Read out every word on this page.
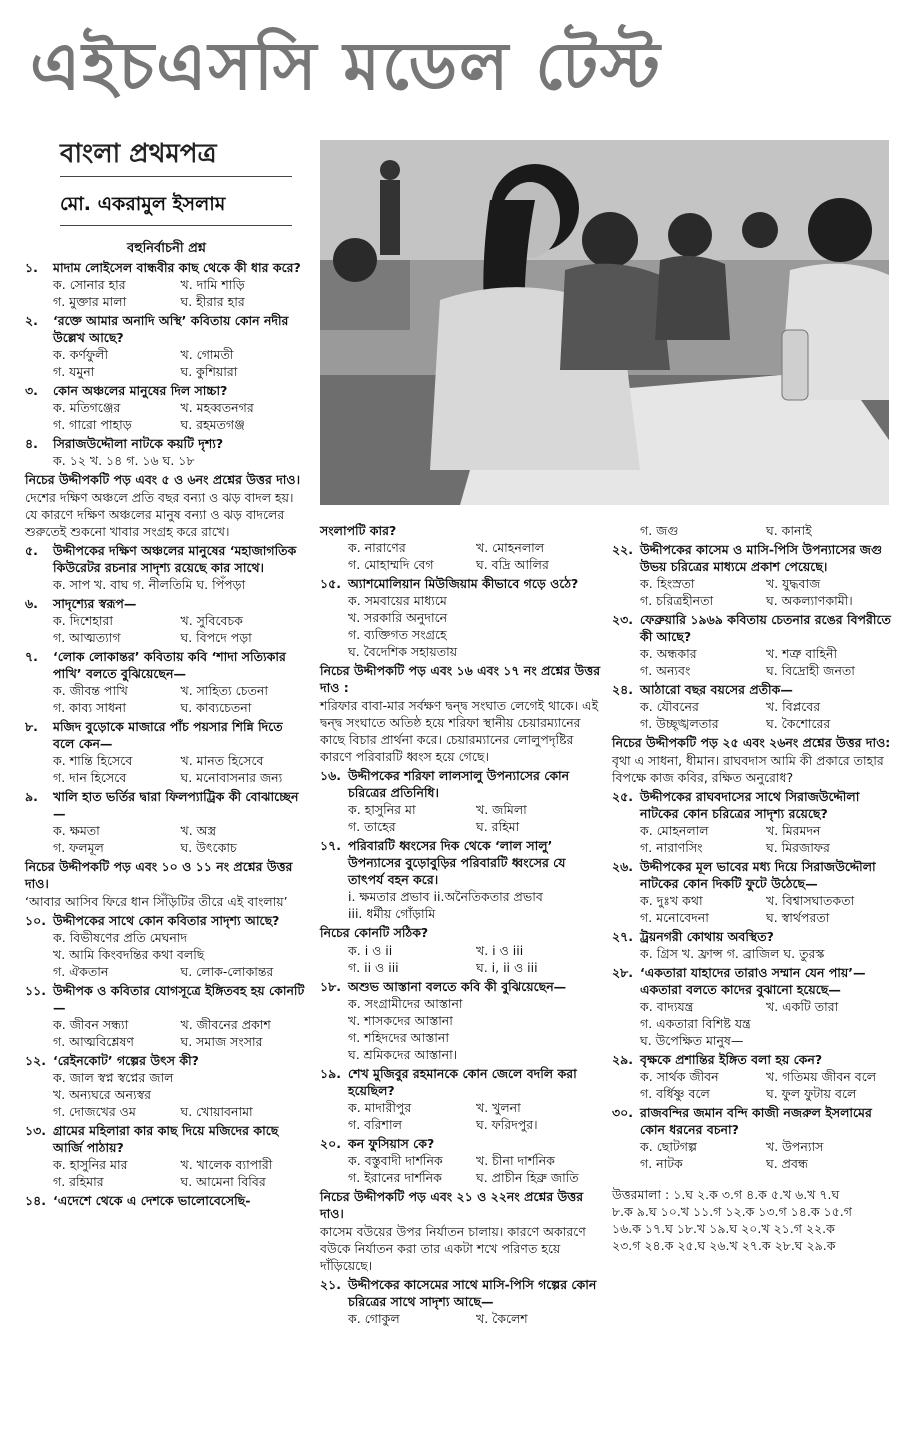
এইচএসসি মডেল টেস্ট
বাংলা প্রথমপত্র
মো. একরামুল ইসলাম
বহুনির্বাচনী প্রশ্ন
১.	মাদাম লোইসেল বান্ধবীর কাছ থেকে কী ধার করে?
ক. সোনার হার	খ. দামি শাড়ি
গ. মুক্তার মালা	ঘ. হীরার হার
২.	‘রক্তে আমার অনাদি অস্থি’ কবিতায় কোন নদীর উল্লেখ আছে?
ক. কর্ণফুলী	খ. গোমতী
গ. যমুনা	ঘ. কুশিয়ারা
৩.	কোন অঞ্চলের মানুষের দিল সাচ্চা?
ক. মতিগঞ্জের	খ. মহব্বতনগর
গ. গারো পাহাড়	ঘ. রহমতগঞ্জ
৪.	সিরাজউদ্দৌলা নাটকে কয়টি দৃশ্য?
ক. ১২ খ. ১৪ গ. ১৬ ঘ. ১৮
নিচের উদ্দীপকটি পড় এবং ৫ ও ৬নং প্রশ্নের উত্তর দাও।
দেশের দক্ষিণ অঞ্চলে প্রতি বছর বন্যা ও ঝড় বাদল হয়। যে কারণে দক্ষিণ অঞ্চলের মানুষ বন্যা ও ঝড় বাদলের শুরুতেই শুকনো খাবার সংগ্রহ করে রাখে।
৫.	উদ্দীপকের দক্ষিণ অঞ্চলের মানুষের ‘মহাজাগতিক কিউরেটর রচনার সাদৃশ্য রয়েছে কার সাথে।
ক. সাপ খ. বাঘ গ. নীলতিমি ঘ. পিঁপড়া
৬.	সাদৃশ্যের স্বরূপ—
ক. দিশেহারা	খ. সুবিবেচক
গ. আত্মত্যাগ	ঘ. বিপদে পড়া
৭.	‘লোক লোকান্তর’ কবিতায় কবি ‘শাদা সত্যিকার পাখি’ বলতে বুঝিয়েছেন—
ক. জীবন্ত পাখি	খ. সাহিত্য চেতনা
গ. কাব্য সাধনা	ঘ. কাব্যচেতনা
৮.	মজিদ বুড়োকে মাজারে পাঁচ পয়সার শিন্নি দিতে বলে কেন—
ক. শান্তি হিসেবে	খ. মানত হিসেবে
গ. দান হিসেবে	ঘ. মনোবাসনার জন্য
৯.	খালি হাত ভর্তির দ্বারা ফিলপ্যাট্রিক কী বোঝাচ্ছেন—
ক. ক্ষমতা	খ. অস্ত্র
গ. ফলমূল	ঘ. উৎকোচ
নিচের উদ্দীপকটি পড় এবং ১০ ও ১১ নং প্রশ্নের উত্তর দাও।
‘আবার আসিব ফিরে ধান সিঁড়িটির তীরে এই বাংলায়’
১০. উদ্দীপকের সাথে কোন কবিতার সাদৃশ্য আছে?
ক. বিভীষণের প্রতি মেঘনাদ
খ. আমি কিংবদন্তির কথা বলছি
গ. ঐকতান	ঘ. লোক-লোকান্তর
১১. উদ্দীপক ও কবিতার যোগসূত্রে ইঙ্গিতবহ হয় কোনটি—
ক. জীবন সন্ধ্যা	খ. জীবনের প্রকাশ
গ. আত্মবিশ্লেষণ	ঘ. সমাজ সংসার
১২. ‘রেইনকোট’ গল্পের উৎস কী?
ক. জাল স্বপ্ন স্বপ্নের জাল
খ. অন্যঘরে অন্যস্বর
গ. দোজখের ওম	ঘ. খোয়াবনামা
১৩. গ্রামের মহিলারা কার কাছ দিয়ে মজিদের কাছে আর্জি পাঠায়?
ক. হাসুনির মার	খ. খালেক ব্যাপারী
গ. রহিমার	ঘ. আমেনা বিবির
১৪. ‘এদেশে থেকে এ দেশকে ভালোবেসেছি-
সংলাপটি কার?
ক. নারাণের	খ. মোহনলাল
গ. মোহাম্মদি বেগ	ঘ. বদ্রি আলির
১৫. অ্যাশমোলিয়ান মিউজিয়াম কীভাবে গড়ে ওঠে?
ক. সমবায়ের মাধ্যমে
খ. সরকারি অনুদানে
গ. ব্যক্তিগত সংগ্রহে
ঘ. বৈদেশিক সহায়তায়
নিচের উদ্দীপকটি পড় এবং ১৬ এবং ১৭ নং প্রশ্নের উত্তর দাও :
শরিফার বাবা-মার সর্বক্ষণ দ্বন্দ্ব সংঘাত লেগেই থাকে। এই দ্বন্দ্ব সংঘাতে অতিষ্ঠ হয়ে শরিফা স্থানীয় চেয়ারম্যানের কাছে বিচার প্রার্থনা করে। চেয়ারম্যানের লোলুপদৃষ্টির কারণে পরিবারটি ধ্বংস হয়ে গেছে।
১৬. উদ্দীপকের শরিফা লালসালু উপন্যাসের কোন চরিত্রের প্রতিনিধি।
ক. হাসুনির মা	খ. জমিলা
গ. তাহের	ঘ. রহিমা
১৭. পরিবারটি ধ্বংসের দিক থেকে ‘লাল সালু’ উপন্যাসের বুড়োবুড়ির পরিবারটি ধ্বংসের যে তাৎপর্য বহন করে।
i. ক্ষমতার প্রভাব ii.অনৈতিকতার প্রভাব
iii. ধর্মীয় গোঁড়ামি
নিচের কোনটি সঠিক?
ক. i ও ii	খ. i ও iii
গ. ii ও iii	ঘ. i, ii ও iii
১৮. অশুভ আস্তানা বলতে কবি কী বুঝিয়েছেন—
ক. সংগ্রামীদের আস্তানা
খ. শাসকদের আস্তানা
গ. শহিদদের আস্তানা
ঘ. শ্রমিকদের আস্তানা।
১৯. শেখ মুজিবুর রহমানকে কোন জেলে বদলি করা হয়েছিল?
ক. মাদারীপুর	খ. খুলনা
গ. বরিশাল	ঘ. ফরিদপুর।
২০. কন ফুসিয়াস কে?
ক. বস্তুবাদী দার্শনিক	খ. চীনা দার্শনিক
গ. ইরানের দার্শনিক	ঘ. প্রাচীন হিব্রু জাতি
নিচের উদ্দীপকটি পড় এবং ২১ ও ২২নং প্রশ্নের উত্তর দাও।
কাসেম বউয়ের উপর নির্যাতন চালায়। কারণে অকারণে বউকে নির্যাতন করা তার একটা শখে পরিণত হয়ে দাঁড়িয়েছে।
২১. উদ্দীপকের কাসেমের সাথে মাসি-পিসি গল্পের কোন চরিত্রের সাথে সাদৃশ্য আছে—
ক. গোকুল	খ. কৈলেশ
গ. জগু	ঘ. কানাই
২২. উদ্দীপকের কাসেম ও মাসি-পিসি উপন্যাসের জগু উভয় চরিত্রের মাধ্যমে প্রকাশ পেয়েছে।
ক. হিংস্রতা	খ. যুদ্ধবাজ
গ. চরিত্রহীনতা	ঘ. অকল্যাণকামী।
২৩. ফেব্রুয়ারি ১৯৬৯ কবিতায় চেতনার রঙের বিপরীতে কী আছে?
ক. অন্ধকার	খ. শত্রু বাহিনী
গ. অন্যবং	ঘ. বিদ্রোহী জনতা
২৪. আঠারো বছর বয়সের প্রতীক—
ক. যৌবনের	খ. বিপ্লবের
গ. উচ্ছৃঙ্খলতার	ঘ. কৈশোরের
নিচের উদ্দীপকটি পড় ২৫ এবং ২৬নং প্রশ্নের উত্তর দাও:
বৃথা এ সাধনা, ধীমান। রাঘবদাস আমি কী প্রকারে তাহার বিপক্ষে কাজ কবির, রক্ষিত অনুরোধ?
২৫. উদ্দীপকের রাঘবদাসের সাথে সিরাজউদ্দৌলা নাটকের কোন চরিত্রের সাদৃশ্য রয়েছে?
ক. মোহনলাল	খ. মিরমদন
গ. নারাণসিং	ঘ. মিরজাফর
২৬. উদ্দীপকের মূল ভাবের মধ্য দিয়ে সিরাজউদ্দৌলা নাটকের কোন দিকটি ফুটে উঠেছে—
ক. দুঃখ কথা	খ. বিশ্বাসঘাতকতা
গ. মনোবেদনা	ঘ. স্বার্থপরতা
২৭. ট্রয়নগরী কোথায় অবস্থিত?
ক. গ্রিস খ. ফ্রান্স গ. ব্রাজিল ঘ. তুরস্ক
২৮. ‘একতারা যাহাদের তারাও সম্মান যেন পায়’—একতারা বলতে কাদের বুঝানো হয়েছে—
ক. বাদ্যযন্ত্র	খ. একটি তারা
গ. একতারা বিশিষ্ট যন্ত্র
ঘ. উপেক্ষিত মানুষ—
২৯. বৃক্ষকে প্রশান্তির ইঙ্গিত বলা হয় কেন?
ক. সার্থক জীবন	খ. গতিময় জীবন বলে
গ. বর্ধিষ্ণু বলে	ঘ. ফুল ফুটায় বলে
৩০. রাজবন্দির জমান বন্দি কাজী নজরুল ইসলামের কোন ধরনের বচনা?
ক. ছোটগল্প	খ. উপন্যাস
গ. নাটক	ঘ. প্রবন্ধ
উত্তরমালা : ১.ঘ ২.ক ৩.গ ৪.ক ৫.খ ৬.খ ৭.ঘ
৮.ক ৯.ঘ ১০.খ ১১.গ ১২.ক ১৩.গ ১৪.ক ১৫.গ
১৬.ক ১৭.ঘ ১৮.খ ১৯.ঘ ২০.খ ২১.গ ২২.ক
২৩.গ ২৪.ক ২৫.ঘ ২৬.খ ২৭.ক ২৮.ঘ ২৯.ক
